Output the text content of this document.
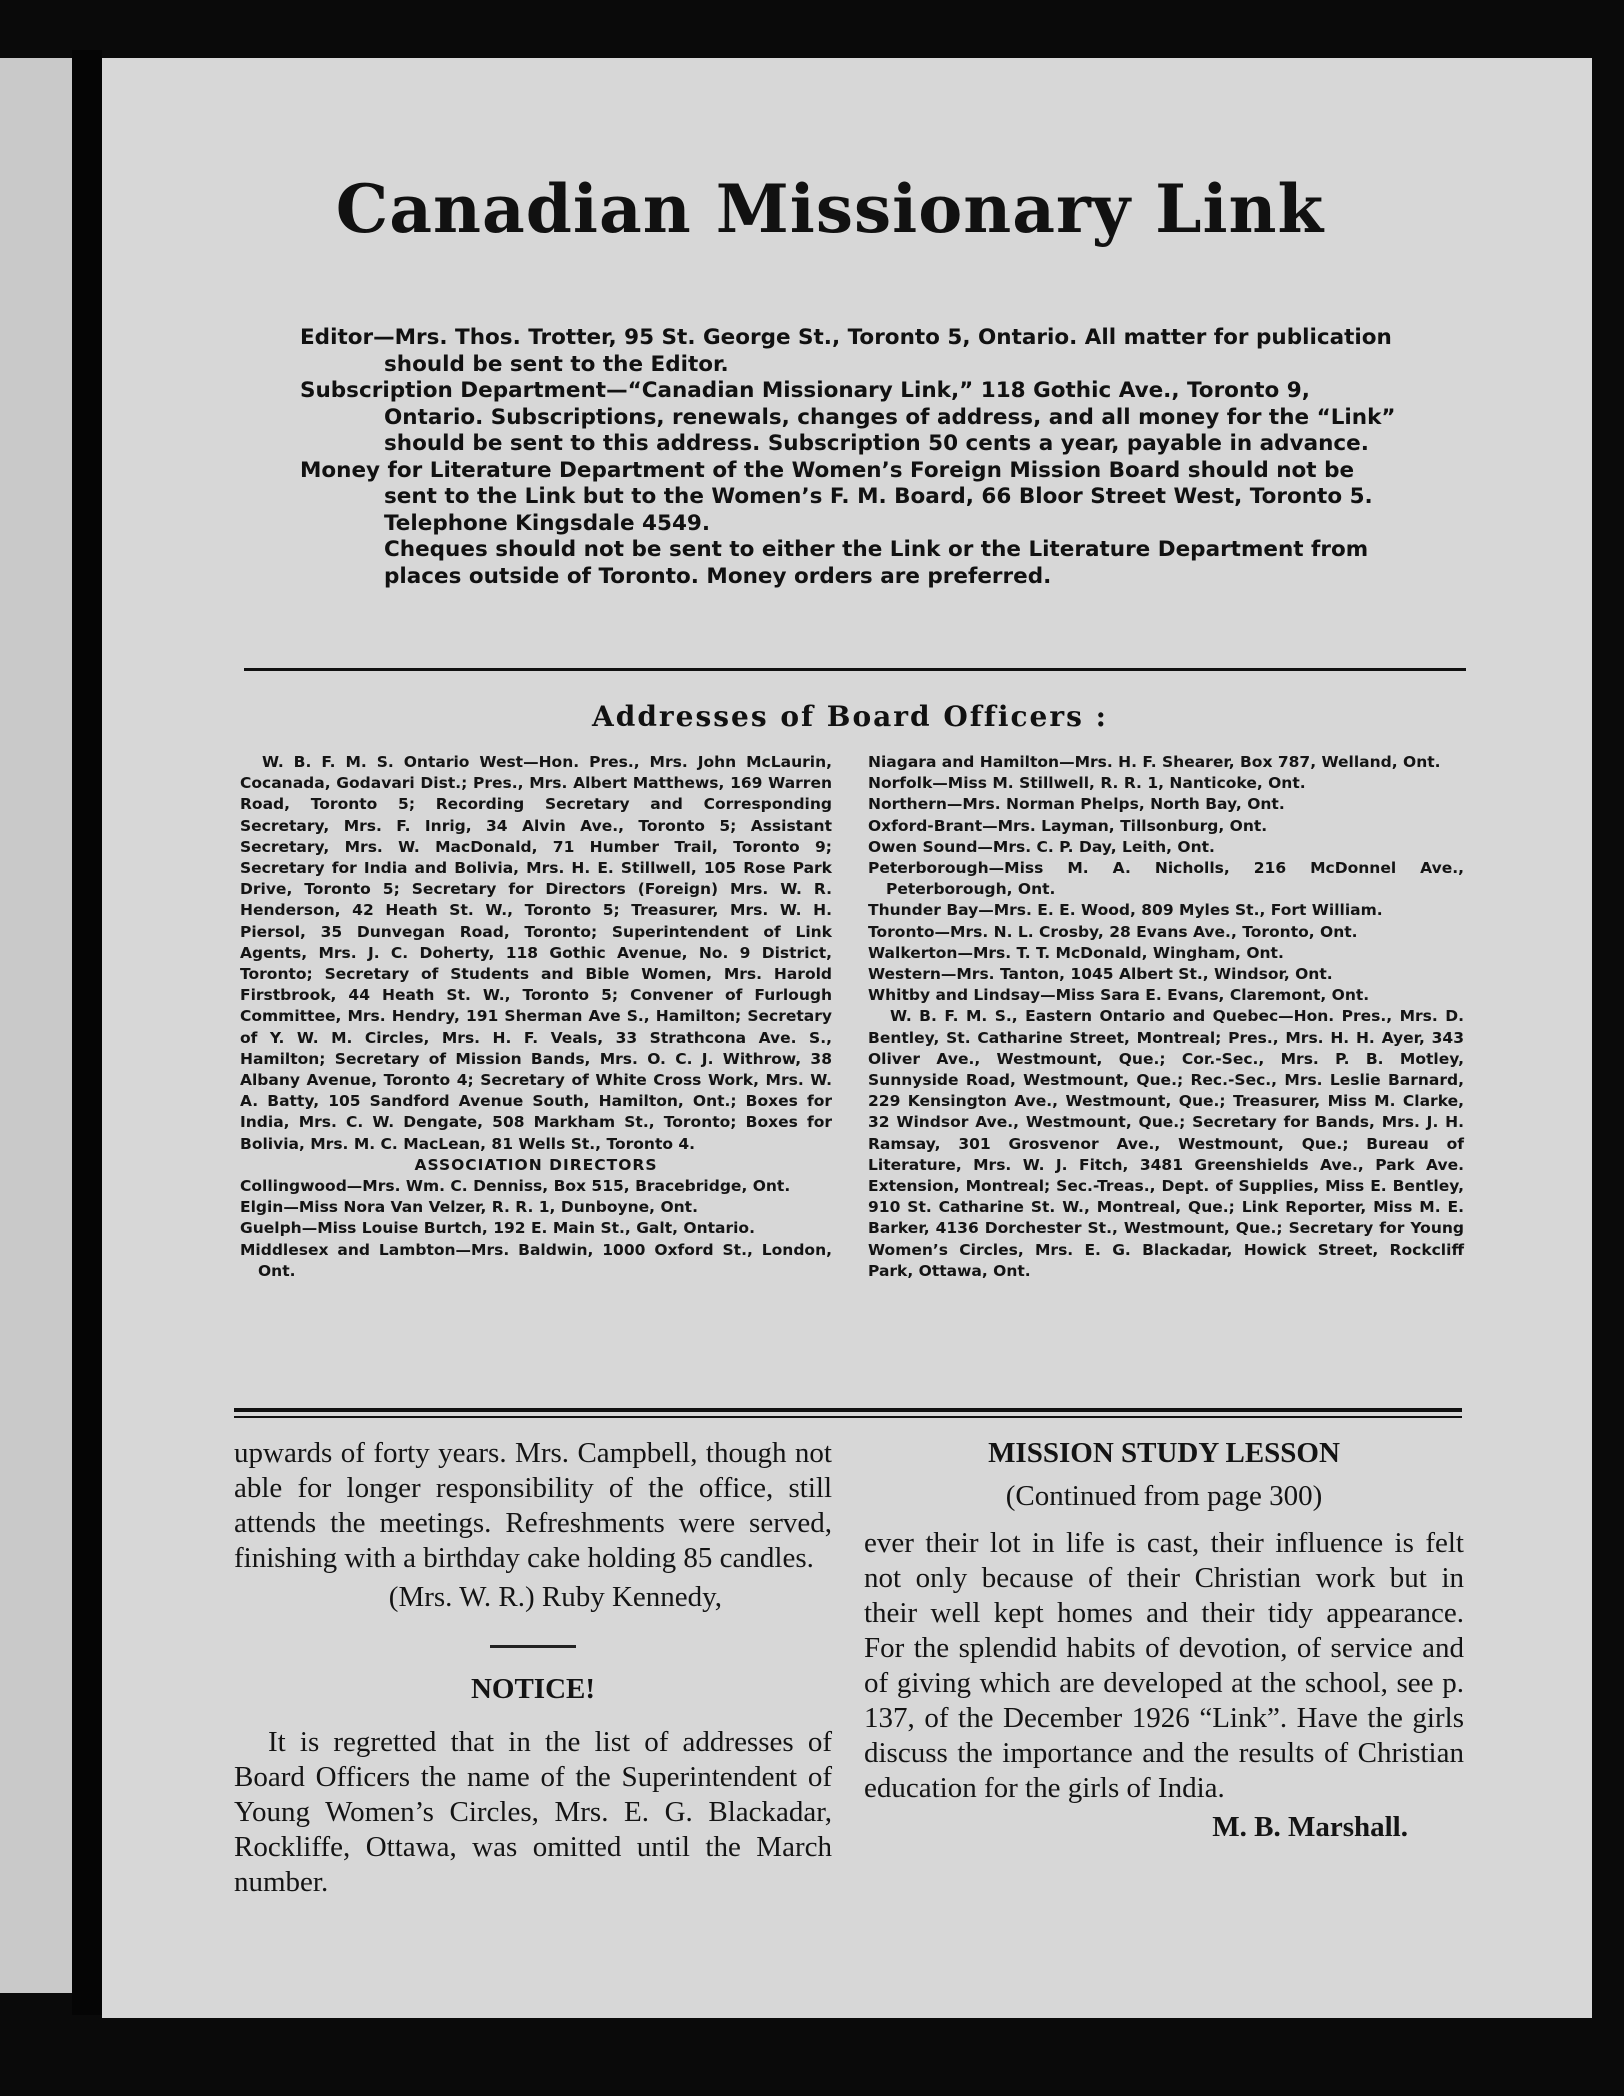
Canadian Missionary Link

Editor—Mrs. Thos. Trotter, 95 St. George St., Toronto 5, Ontario. All matter for publication should be sent to the Editor.

Subscription Department—“Canadian Missionary Link,” 118 Gothic Ave., Toronto 9, Ontario. Subscriptions, renewals, changes of address, and all money for the “Link” should be sent to this address. Subscription 50 cents a year, payable in advance.

Money for Literature Department of the Women’s Foreign Mission Board should not be sent to the Link but to the Women’s F. M. Board, 66 Bloor Street West, Toronto 5. Telephone Kingsdale 4549.

Cheques should not be sent to either the Link or the Literature Department from places outside of Toronto. Money orders are preferred.

Addresses of Board Officers :

W. B. F. M. S. Ontario West—Hon. Pres., Mrs. John McLaurin, Cocanada, Godavari Dist.; Pres., Mrs. Albert Matthews, 169 Warren Road, Toronto 5; Recording Secretary and Corresponding Secretary, Mrs. F. Inrig, 34 Alvin Ave., Toronto 5; Assistant Secretary, Mrs. W. MacDonald, 71 Humber Trail, Toronto 9; Secretary for India and Bolivia, Mrs. H. E. Stillwell, 105 Rose Park Drive, Toronto 5; Secretary for Directors (Foreign) Mrs. W. R. Henderson, 42 Heath St. W., Toronto 5; Treasurer, Mrs. W. H. Piersol, 35 Dunvegan Road, Toronto; Superintendent of Link Agents, Mrs. J. C. Doherty, 118 Gothic Avenue, No. 9 District, Toronto; Secretary of Students and Bible Women, Mrs. Harold Firstbrook, 44 Heath St. W., Toronto 5; Convener of Furlough Committee, Mrs. Hendry, 191 Sherman Ave S., Hamilton; Secretary of Y. W. M. Circles, Mrs. H. F. Veals, 33 Strathcona Ave. S., Hamilton; Secretary of Mission Bands, Mrs. O. C. J. Withrow, 38 Albany Avenue, Toronto 4; Secretary of White Cross Work, Mrs. W. A. Batty, 105 Sandford Avenue South, Hamilton, Ont.; Boxes for India, Mrs. C. W. Dengate, 508 Markham St., Toronto; Boxes for Bolivia, Mrs. M. C. MacLean, 81 Wells St., Toronto 4.

ASSOCIATION DIRECTORS

Collingwood—Mrs. Wm. C. Denniss, Box 515, Bracebridge, Ont.

Elgin—Miss Nora Van Velzer, R. R. 1, Dunboyne, Ont.

Guelph—Miss Louise Burtch, 192 E. Main St., Galt, Ontario.

Middlesex and Lambton—Mrs. Baldwin, 1000 Oxford St., London, Ont.

Niagara and Hamilton—Mrs. H. F. Shearer, Box 787, Welland, Ont.

Norfolk—Miss M. Stillwell, R. R. 1, Nanticoke, Ont.

Northern—Mrs. Norman Phelps, North Bay, Ont.

Oxford-Brant—Mrs. Layman, Tillsonburg, Ont.

Owen Sound—Mrs. C. P. Day, Leith, Ont.

Peterborough—Miss M. A. Nicholls, 216 McDonnel Ave., Peterborough, Ont.

Thunder Bay—Mrs. E. E. Wood, 809 Myles St., Fort William.

Toronto—Mrs. N. L. Crosby, 28 Evans Ave., Toronto, Ont.

Walkerton—Mrs. T. T. McDonald, Wingham, Ont.

Western—Mrs. Tanton, 1045 Albert St., Windsor, Ont.

Whitby and Lindsay—Miss Sara E. Evans, Claremont, Ont.

W. B. F. M. S., Eastern Ontario and Quebec—Hon. Pres., Mrs. D. Bentley, St. Catharine Street, Montreal; Pres., Mrs. H. H. Ayer, 343 Oliver Ave., Westmount, Que.; Cor.-Sec., Mrs. P. B. Motley, Sunnyside Road, Westmount, Que.; Rec.-Sec., Mrs. Leslie Barnard, 229 Kensington Ave., Westmount, Que.; Treasurer, Miss M. Clarke, 32 Windsor Ave., Westmount, Que.; Secretary for Bands, Mrs. J. H. Ramsay, 301 Grosvenor Ave., Westmount, Que.; Bureau of Literature, Mrs. W. J. Fitch, 3481 Greenshields Ave., Park Ave. Extension, Montreal; Sec.-Treas., Dept. of Supplies, Miss E. Bentley, 910 St. Catharine St. W., Montreal, Que.; Link Reporter, Miss M. E. Barker, 4136 Dorchester St., Westmount, Que.; Secretary for Young Women’s Circles, Mrs. E. G. Blackadar, Howick Street, Rockcliff Park, Ottawa, Ont.

upwards of forty years. Mrs. Campbell, though not able for longer responsibility of the office, still attends the meetings. Refreshments were served, finishing with a birthday cake holding 85 candles.

(Mrs. W. R.) Ruby Kennedy,

NOTICE!

It is regretted that in the list of addresses of Board Officers the name of the Superintendent of Young Women’s Circles, Mrs. E. G. Blackadar, Rockliffe, Ottawa, was omitted until the March number.

MISSION STUDY LESSON

(Continued from page 300)

ever their lot in life is cast, their influence is felt not only because of their Christian work but in their well kept homes and their tidy appearance. For the splendid habits of devotion, of service and of giving which are developed at the school, see p. 137, of the December 1926 “Link”. Have the girls discuss the importance and the results of Christian education for the girls of India.

M. B. Marshall.
